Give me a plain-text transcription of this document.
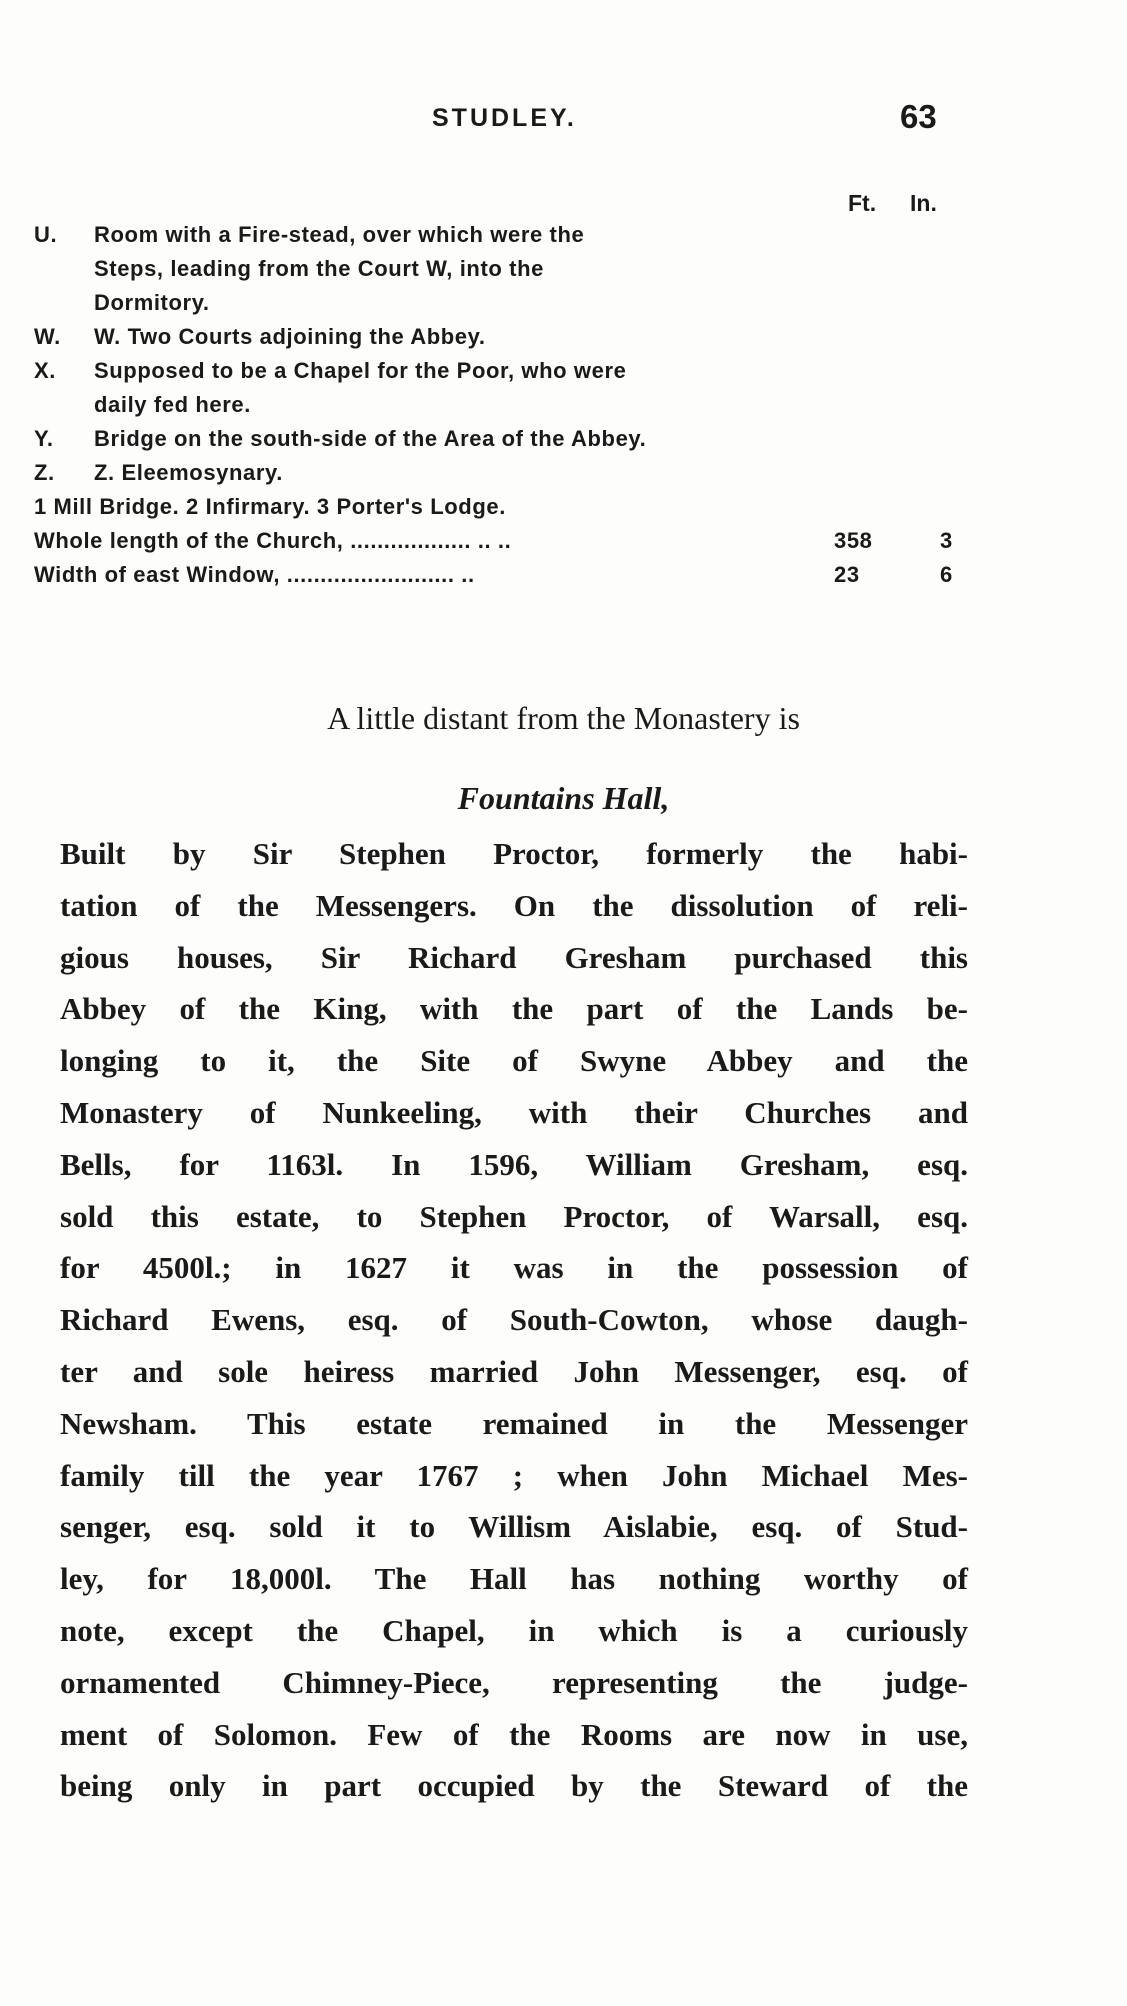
STUDLEY.	63
Ft. In.
U. Room with a Fire-stead, over which were the
Steps, leading from the Court W, into the
Dormitory.
W. W. Two Courts adjoining the Abbey.
X. Supposed to be a Chapel for the Poor, who were
daily fed here.
Y. Bridge on the south-side of the Area of the Abbey.
Z. Z. Eleemosynary.
1 Mill Bridge. 2 Infirmary. 3 Porter's Lodge.
Whole length of the Church, .................. .. ..	358	3
Width of east Window, ......................... ..	23	6
A little distant from the Monastery is
Fountains Hall,
Built by Sir Stephen Proctor, formerly the habi-
tation of the Messengers. On the dissolution of reli-
gious houses, Sir Richard Gresham purchased this
Abbey of the King, with the part of the Lands be-
longing to it, the Site of Swyne Abbey and the
Monastery of Nunkeeling, with their Churches and
Bells, for 1163l. In 1596, William Gresham, esq.
sold this estate, to Stephen Proctor, of Warsall, esq.
for 4500l.; in 1627 it was in the possession of
Richard Ewens, esq. of South-Cowton, whose daugh-
ter and sole heiress married John Messenger, esq. of
Newsham. This estate remained in the Messenger
family till the year 1767 ; when John Michael Mes-
senger, esq. sold it to Willism Aislabie, esq. of Stud-
ley, for 18,000l. The Hall has nothing worthy of
note, except the Chapel, in which is a curiously
ornamented Chimney-Piece, representing the judge-
ment of Solomon. Few of the Rooms are now in use,
being only in part occupied by the Steward of the
